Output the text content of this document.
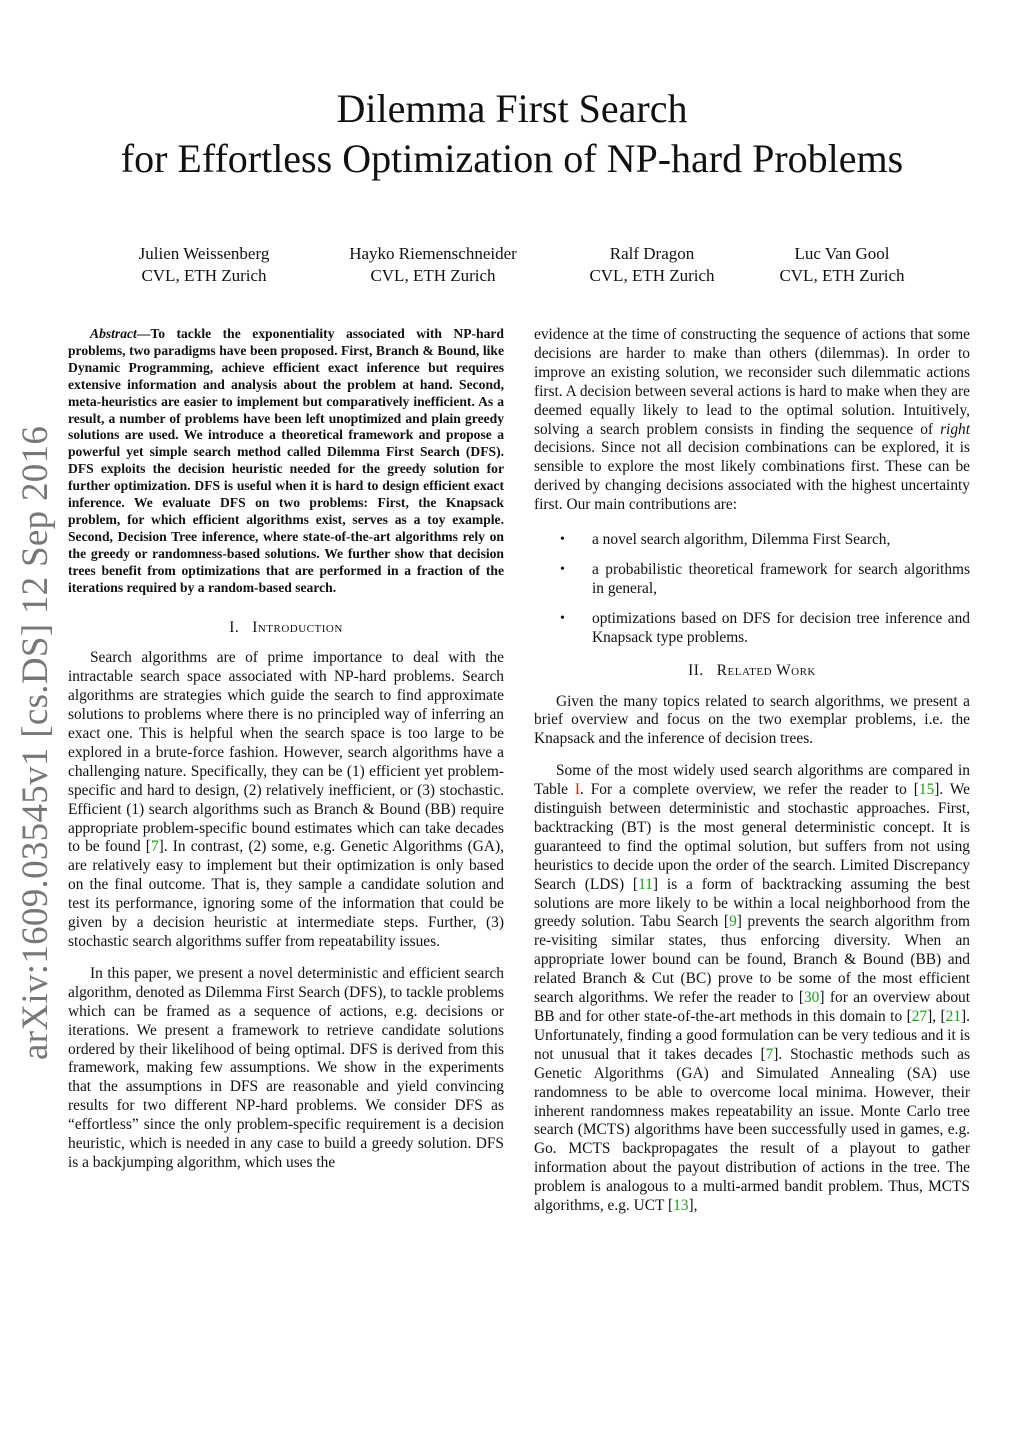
arXiv:1609.03545v1 [cs.DS] 12 Sep 2016
Dilemma First Search
for Effortless Optimization of NP-hard Problems
Julien Weissenberg
CVL, ETH Zurich
Hayko Riemenschneider
CVL, ETH Zurich
Ralf Dragon
CVL, ETH Zurich
Luc Van Gool
CVL, ETH Zurich

Abstract—To tackle the exponentiality associated with NP-hard problems, two paradigms have been proposed. First, Branch & Bound, like Dynamic Programming, achieve efficient exact inference but requires extensive information and analysis about the problem at hand. Second, meta-heuristics are easier to implement but comparatively inefficient. As a result, a number of problems have been left unoptimized and plain greedy solutions are used. We introduce a theoretical framework and propose a powerful yet simple search method called Dilemma First Search (DFS). DFS exploits the decision heuristic needed for the greedy solution for further optimization. DFS is useful when it is hard to design efficient exact inference. We evaluate DFS on two problems: First, the Knapsack problem, for which efficient algorithms exist, serves as a toy example. Second, Decision Tree inference, where state-of-the-art algorithms rely on the greedy or randomness-based solutions. We further show that decision trees benefit from optimizations that are performed in a fraction of the iterations required by a random-based search.

I. Introduction

Search algorithms are of prime importance to deal with the intractable search space associated with NP-hard problems. Search algorithms are strategies which guide the search to find approximate solutions to problems where there is no principled way of inferring an exact one. This is helpful when the search space is too large to be explored in a brute-force fashion. However, search algorithms have a challenging nature. Specifically, they can be (1) efficient yet problem-specific and hard to design, (2) relatively inefficient, or (3) stochastic. Efficient (1) search algorithms such as Branch & Bound (BB) require appropriate problem-specific bound estimates which can take decades to be found [7]. In contrast, (2) some, e.g. Genetic Algorithms (GA), are relatively easy to implement but their optimization is only based on the final outcome. That is, they sample a candidate solution and test its performance, ignoring some of the information that could be given by a decision heuristic at intermediate steps. Further, (3) stochastic search algorithms suffer from repeatability issues.

In this paper, we present a novel deterministic and efficient search algorithm, denoted as Dilemma First Search (DFS), to tackle problems which can be framed as a sequence of actions, e.g. decisions or iterations. We present a framework to retrieve candidate solutions ordered by their likelihood of being optimal. DFS is derived from this framework, making few assumptions. We show in the experiments that the assumptions in DFS are reasonable and yield convincing results for two different NP-hard problems. We consider DFS as “effortless” since the only problem-specific requirement is a decision heuristic, which is needed in any case to build a greedy solution. DFS is a backjumping algorithm, which uses the

evidence at the time of constructing the sequence of actions that some decisions are harder to make than others (dilemmas). In order to improve an existing solution, we reconsider such dilemmatic actions first. A decision between several actions is hard to make when they are deemed equally likely to lead to the optimal solution. Intuitively, solving a search problem consists in finding the sequence of right decisions. Since not all decision combinations can be explored, it is sensible to explore the most likely combinations first. These can be derived by changing decisions associated with the highest uncertainty first. Our main contributions are:

• a novel search algorithm, Dilemma First Search,
• a probabilistic theoretical framework for search algorithms in general,
• optimizations based on DFS for decision tree inference and Knapsack type problems.
II. Related Work

Given the many topics related to search algorithms, we present a brief overview and focus on the two exemplar problems, i.e. the Knapsack and the inference of decision trees.

Some of the most widely used search algorithms are compared in Table I. For a complete overview, we refer the reader to [15]. We distinguish between deterministic and stochastic approaches. First, backtracking (BT) is the most general deterministic concept. It is guaranteed to find the optimal solution, but suffers from not using heuristics to decide upon the order of the search. Limited Discrepancy Search (LDS) [11] is a form of backtracking assuming the best solutions are more likely to be within a local neighborhood from the greedy solution. Tabu Search [9] prevents the search algorithm from re-visiting similar states, thus enforcing diversity. When an appropriate lower bound can be found, Branch & Bound (BB) and related Branch & Cut (BC) prove to be some of the most efficient search algorithms. We refer the reader to [30] for an overview about BB and for other state-of-the-art methods in this domain to [27], [21]. Unfortunately, finding a good formulation can be very tedious and it is not unusual that it takes decades [7]. Stochastic methods such as Genetic Algorithms (GA) and Simulated Annealing (SA) use randomness to be able to overcome local minima. However, their inherent randomness makes repeatability an issue. Monte Carlo tree search (MCTS) algorithms have been successfully used in games, e.g. Go. MCTS backpropagates the result of a playout to gather information about the payout distribution of actions in the tree. The problem is analogous to a multi-armed bandit problem. Thus, MCTS algorithms, e.g. UCT [13],
